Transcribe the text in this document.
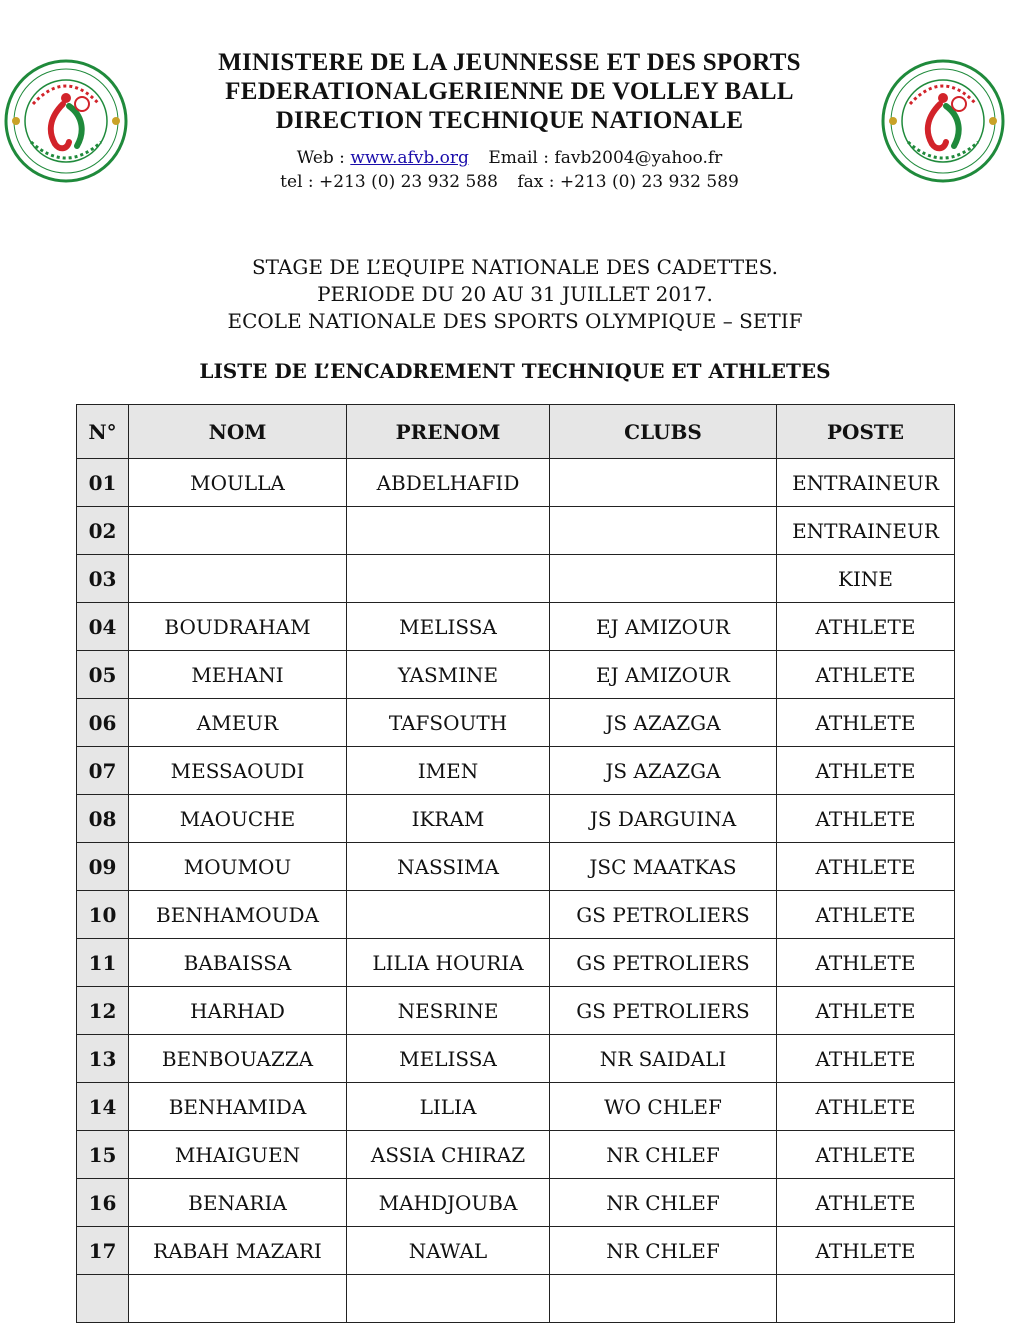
MINISTERE DE LA JEUNNESSE ET DES SPORTS
FEDERATIONALGERIENNE DE VOLLEY BALL
DIRECTION TECHNIQUE NATIONALE
Web : www.afvb.org Email : favb2004@yahoo.fr
tel : +213 (0) 23 932 588 fax : +213 (0) 23 932 589
STAGE DE L’EQUIPE NATIONALE DES CADETTES.
PERIODE DU 20 AU 31 JUILLET 2017.
ECOLE NATIONALE DES SPORTS OLYMPIQUE – SETIF
LISTE DE L’ENCADREMENT TECHNIQUE ET ATHLETES
N°	NOM	PRENOM	CLUBS	POSTE
01	MOULLA	ABDELHAFID		ENTRAINEUR
02				ENTRAINEUR
03				KINE
04	BOUDRAHAM	MELISSA	EJ AMIZOUR	ATHLETE
05	MEHANI	YASMINE	EJ AMIZOUR	ATHLETE
06	AMEUR	TAFSOUTH	JS AZAZGA	ATHLETE
07	MESSAOUDI	IMEN	JS AZAZGA	ATHLETE
08	MAOUCHE	IKRAM	JS DARGUINA	ATHLETE
09	MOUMOU	NASSIMA	JSC MAATKAS	ATHLETE
10	BENHAMOUDA		GS PETROLIERS	ATHLETE
11	BABAISSA	LILIA HOURIA	GS PETROLIERS	ATHLETE
12	HARHAD	NESRINE	GS PETROLIERS	ATHLETE
13	BENBOUAZZA	MELISSA	NR SAIDALI	ATHLETE
14	BENHAMIDA	LILIA	WO CHLEF	ATHLETE
15	MHAIGUEN	ASSIA CHIRAZ	NR CHLEF	ATHLETE
16	BENARIA	MAHDJOUBA	NR CHLEF	ATHLETE
17	RABAH MAZARI	NAWAL	NR CHLEF	ATHLETE
